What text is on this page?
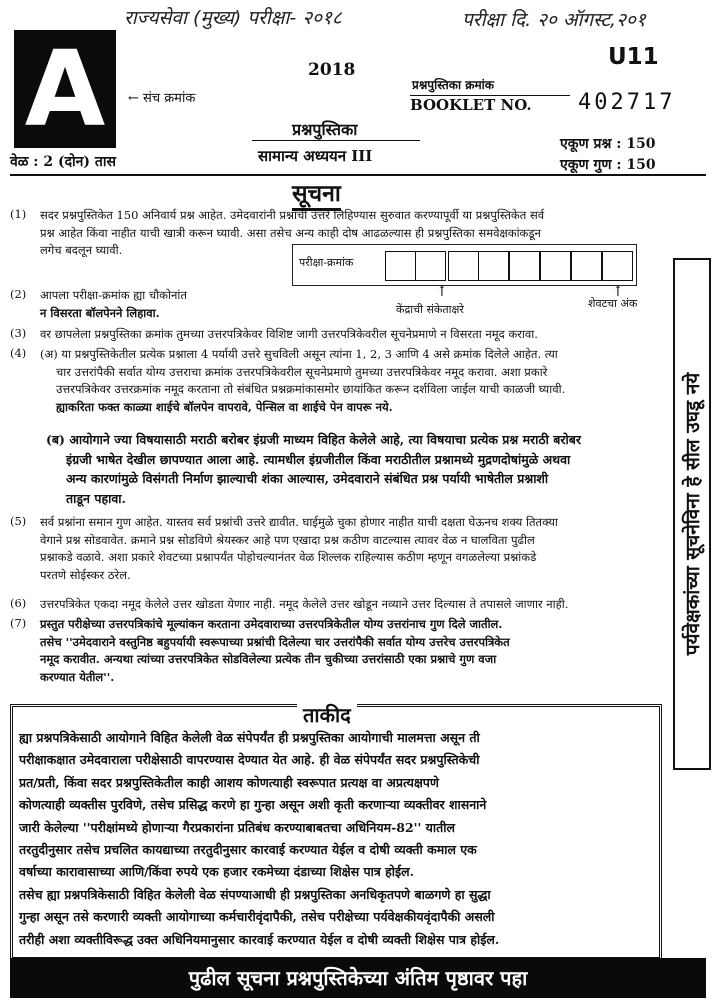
राज्यसेवा (मुख्य) परीक्षा- २०१८	परीक्षा दि. २० ऑगस्ट,२०१
A	U11
2018
← संच क्रमांक
प्रश्नपुस्तिका क्रमांक
BOOKLET NO. 402717
प्रश्नपुस्तिका
सामान्य अध्ययन III
वेळ : 2 (दोन) तास
एकूण प्रश्न : 150
एकूण गुण : 150
सूचना
(1) सदर प्रश्नपुस्तिकेत 150 अनिवार्य प्रश्न आहेत. उमेदवारांनी प्रश्नांची उत्तरे लिहिण्यास सुरुवात करण्यापूर्वी या प्रश्नपुस्तिकेत सर्व
प्रश्न आहेत किंवा नाहीत याची खात्री करून घ्यावी. असा तसेच अन्य काही दोष आढळल्यास ही प्रश्नपुस्तिका समवेक्षकांकडून
लगेच बदलून घ्यावी.
परीक्षा-क्रमांक
↑	↑
केंद्राची संकेताक्षरे	शेवटचा अंक
(2) आपला परीक्षा-क्रमांक ह्या चौकोनांत
न विसरता बॉलपेनने लिहावा.
(3) वर छापलेला प्रश्नपुस्तिका क्रमांक तुमच्या उत्तरपत्रिकेवर विशिष्ट जागी उत्तरपत्रिकेवरील सूचनेप्रमाणे न विसरता नमूद करावा.
(4) (अ) या प्रश्नपुस्तिकेतील प्रत्येक प्रश्नाला 4 पर्यायी उत्तरे सुचविली असून त्यांना 1, 2, 3 आणि 4 असे क्रमांक दिलेले आहेत. त्या
चार उत्तरांपैकी सर्वात योग्य उत्तराचा क्रमांक उत्तरपत्रिकेवरील सूचनेप्रमाणे तुमच्या उत्तरपत्रिकेवर नमूद करावा. अशा प्रकारे
उत्तरपत्रिकेवर उत्तरक्रमांक नमूद करताना तो संबंधित प्रश्नक्रमांकासमोर छायांकित करून दर्शविला जाईल याची काळजी घ्यावी.
ह्याकरिता फक्त काळ्या शाईचे बॉलपेन वापरावे, पेन्सिल वा शाईचे पेन वापरू नये.
(ब) आयोगाने ज्या विषयासाठी मराठी बरोबर इंग्रजी माध्यम विहित केलेले आहे, त्या विषयाचा प्रत्येक प्रश्न मराठी बरोबर
इंग्रजी भाषेत देखील छापण्यात आला आहे. त्यामधील इंग्रजीतील किंवा मराठीतील प्रश्नामध्ये मुद्रणदोषांमुळे अथवा
अन्य कारणांमुळे विसंगती निर्माण झाल्याची शंका आल्यास, उमेदवाराने संबंधित प्रश्न पर्यायी भाषेतील प्रश्नाशी
ताडून पहावा.
(5) सर्व प्रश्नांना समान गुण आहेत. यास्तव सर्व प्रश्नांची उत्तरे द्यावीत. घाईमुळे चुका होणार नाहीत याची दक्षता घेऊनच शक्य तितक्या
वेगाने प्रश्न सोडवावेत. क्रमाने प्रश्न सोडविणे श्रेयस्कर आहे पण एखादा प्रश्न कठीण वाटल्यास त्यावर वेळ न घालविता पुढील
प्रश्नाकडे वळावे. अशा प्रकारे शेवटच्या प्रश्नापर्यंत पोहोचल्यानंतर वेळ शिल्लक राहिल्यास कठीण म्हणून वगळलेल्या प्रश्नांकडे
परतणे सोईस्कर ठरेल.
(6) उत्तरपत्रिकेत एकदा नमूद केलेले उत्तर खोडता येणार नाही. नमूद केलेले उत्तर खोडून नव्याने उत्तर दिल्यास ते तपासले जाणार नाही.
(7) प्रस्तुत परीक्षेच्या उत्तरपत्रिकांचे मूल्यांकन करताना उमेदवाराच्या उत्तरपत्रिकेतील योग्य उत्तरांनाच गुण दिले जातील.
तसेच ''उमेदवाराने वस्तुनिष्ठ बहुपर्यायी स्वरूपाच्या प्रश्नांची दिलेल्या चार उत्तरांपैकी सर्वात योग्य उत्तरेच उत्तरपत्रिकेत
नमूद करावीत. अन्यथा त्यांच्या उत्तरपत्रिकेत सोडविलेल्या प्रत्येक तीन चुकीच्या उत्तरांसाठी एका प्रश्नाचे गुण वजा
करण्यात येतील''.
पर्यवेक्षकांच्या सूचनेविना हे सील उघडू नये
ताकीद
ह्या प्रश्नपत्रिकेसाठी आयोगाने विहित केलेली वेळ संपेपर्यंत ही प्रश्नपुस्तिका आयोगाची मालमत्ता असून ती
परीक्षाकक्षात उमेदवाराला परीक्षेसाठी वापरण्यास देण्यात येत आहे. ही वेळ संपेपर्यंत सदर प्रश्नपुस्तिकेची
प्रत/प्रती, किंवा सदर प्रश्नपुस्तिकेतील काही आशय कोणत्याही स्वरूपात प्रत्यक्ष वा अप्रत्यक्षपणे
कोणत्याही व्यक्तीस पुरविणे, तसेच प्रसिद्ध करणे हा गुन्हा असून अशी कृती करणाऱ्या व्यक्तीवर शासनाने
जारी केलेल्या ''परीक्षांमध्ये होणाऱ्या गैरप्रकारांना प्रतिबंध करण्याबाबतचा अधिनियम-82'' यातील
तरतुदीनुसार तसेच प्रचलित कायद्याच्या तरतुदीनुसार कारवाई करण्यात येईल व दोषी व्यक्ती कमाल एक
वर्षाच्या कारावासाच्या आणि/किंवा रुपये एक हजार रकमेच्या दंडाच्या शिक्षेस पात्र होईल.
तसेच ह्या प्रश्नपत्रिकेसाठी विहित केलेली वेळ संपण्याआधी ही प्रश्नपुस्तिका अनधिकृतपणे बाळगणे हा सुद्धा
गुन्हा असून तसे करणारी व्यक्ती आयोगाच्या कर्मचारीवृंदापैकी, तसेच परीक्षेच्या पर्यवेक्षकीयवृंदापैकी असली
तरीही अशा व्यक्तीविरूद्ध उक्त अधिनियमानुसार कारवाई करण्यात येईल व दोषी व्यक्ती शिक्षेस पात्र होईल.
पुढील सूचना प्रश्नपुस्तिकेच्या अंतिम पृष्ठावर पहा
